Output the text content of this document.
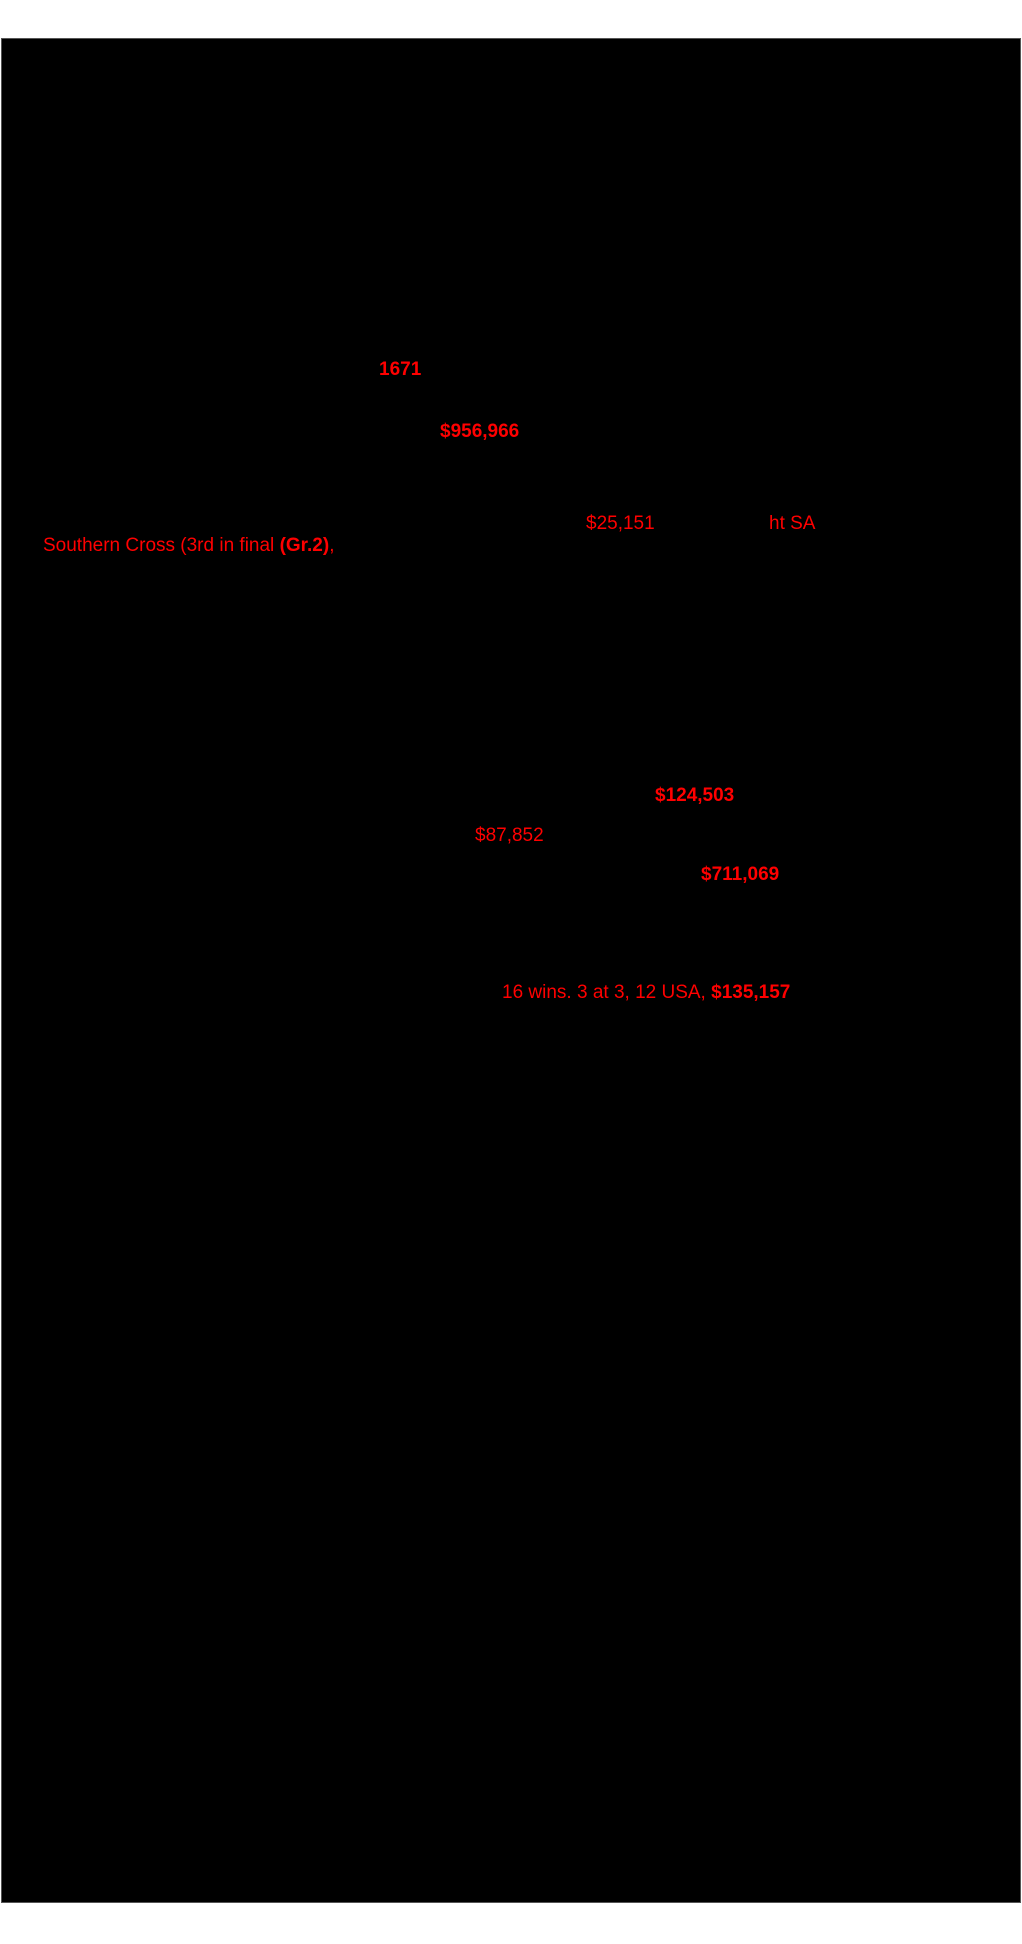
1671
$956,966
$25,151	ht SA
Southern Cross (3rd in final (Gr.2),
$124,503
$87,852
$711,069
16 wins. 3 at 3, 12 USA, $135,157
